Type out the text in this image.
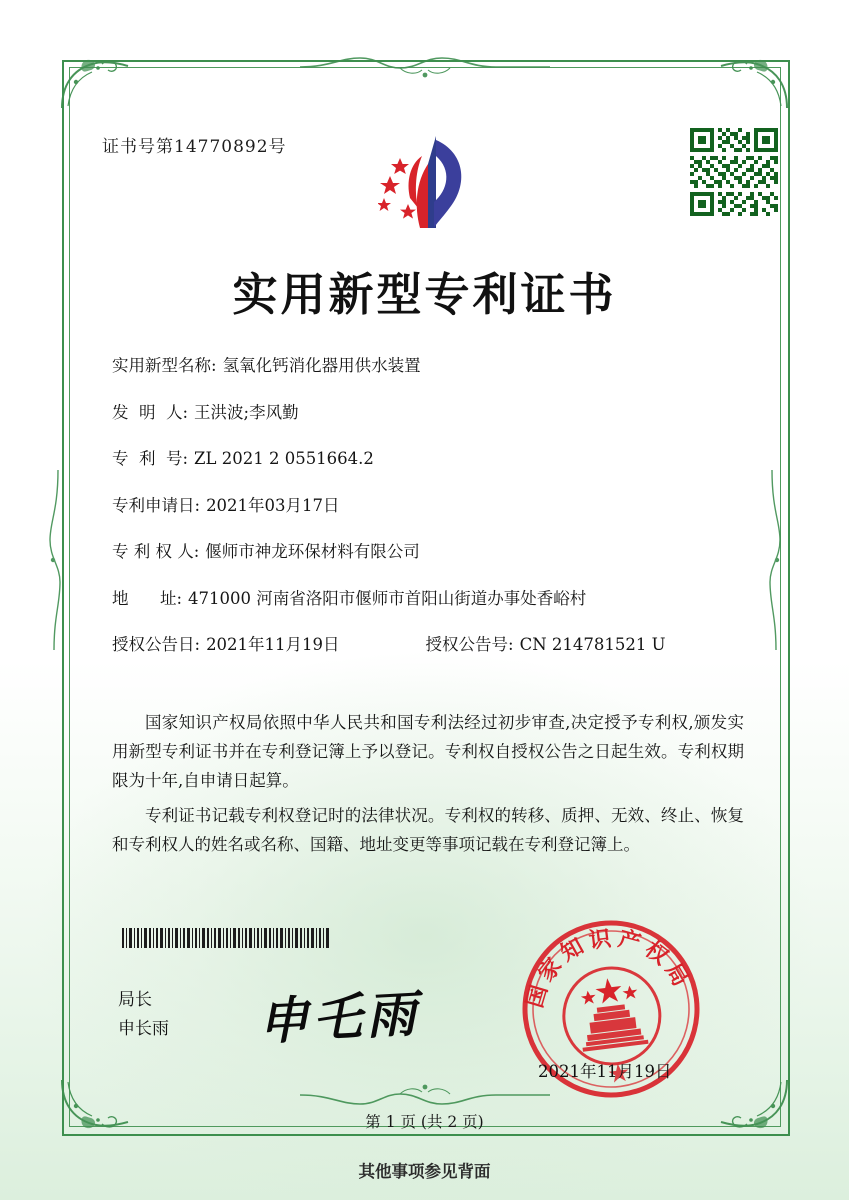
证书号第14770892号
实用新型专利证书
实用新型名称: 氢氧化钙消化器用供水装置
发  明  人: 王洪波;李风勤
专  利  号: ZL 2021 2 0551664.2
专利申请日: 2021年03月17日
专 利 权 人: 偃师市神龙环保材料有限公司
地      址: 471000 河南省洛阳市偃师市首阳山街道办事处香峪村
授权公告日: 2021年11月19日	授权公告号: CN 214781521 U

国家知识产权局依照中华人民共和国专利法经过初步审查,决定授予专利权,颁发实用新型专利证书并在专利登记簿上予以登记。专利权自授权公告之日起生效。专利权期限为十年,自申请日起算。

专利证书记载专利权登记时的法律状况。专利权的转移、质押、无效、终止、恢复和专利权人的姓名或名称、国籍、地址变更等事项记载在专利登记簿上。

局长
申长雨 申乇雨	国家知识产权局
2021年11月19日
第 1 页 (共 2 页)
其他事项参见背面
